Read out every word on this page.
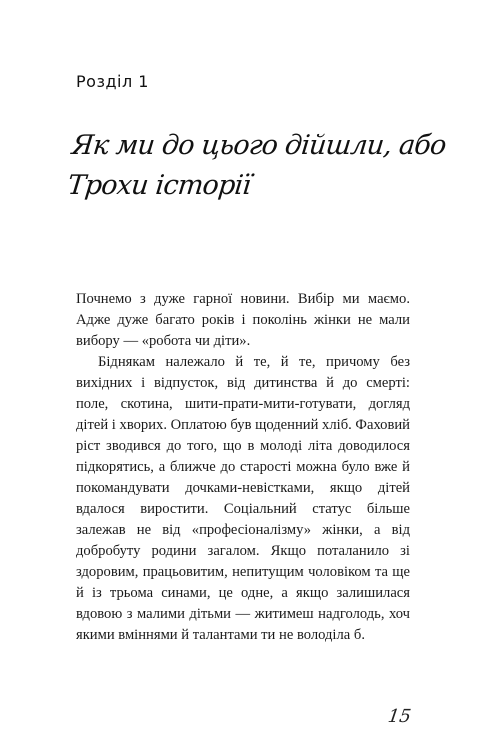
Розділ 1
Як ми до цього дійшли, або
Трохи історії

Почнемо з дуже гарної новини. Вибір ми маємо. Адже дуже багато років і поколінь жінки не мали вибору — «робота чи діти».

Біднякам належало й те, й те, причому без вихідних і відпусток, від дитинства й до смерті: поле, скотина, шити-прати-мити-готувати, догляд дітей і хворих. Оплатою був щоденний хліб. Фаховий ріст зводився до того, що в молоді літа доводилося підкорятись, а ближче до старості можна було вже й покомандувати дочками-невістками, якщо дітей вдалося виростити. Соціальний статус більше залежав не від «професіоналізму» жінки, а від добробуту родини загалом. Якщо поталанило зі здоровим, працьовитим, непитущим чоловіком та ще й із трьома синами, це одне, а якщо залишилася вдовою з малими дітьми — житимеш надголодь, хоч якими вміннями й талантами ти не володіла б.

15
